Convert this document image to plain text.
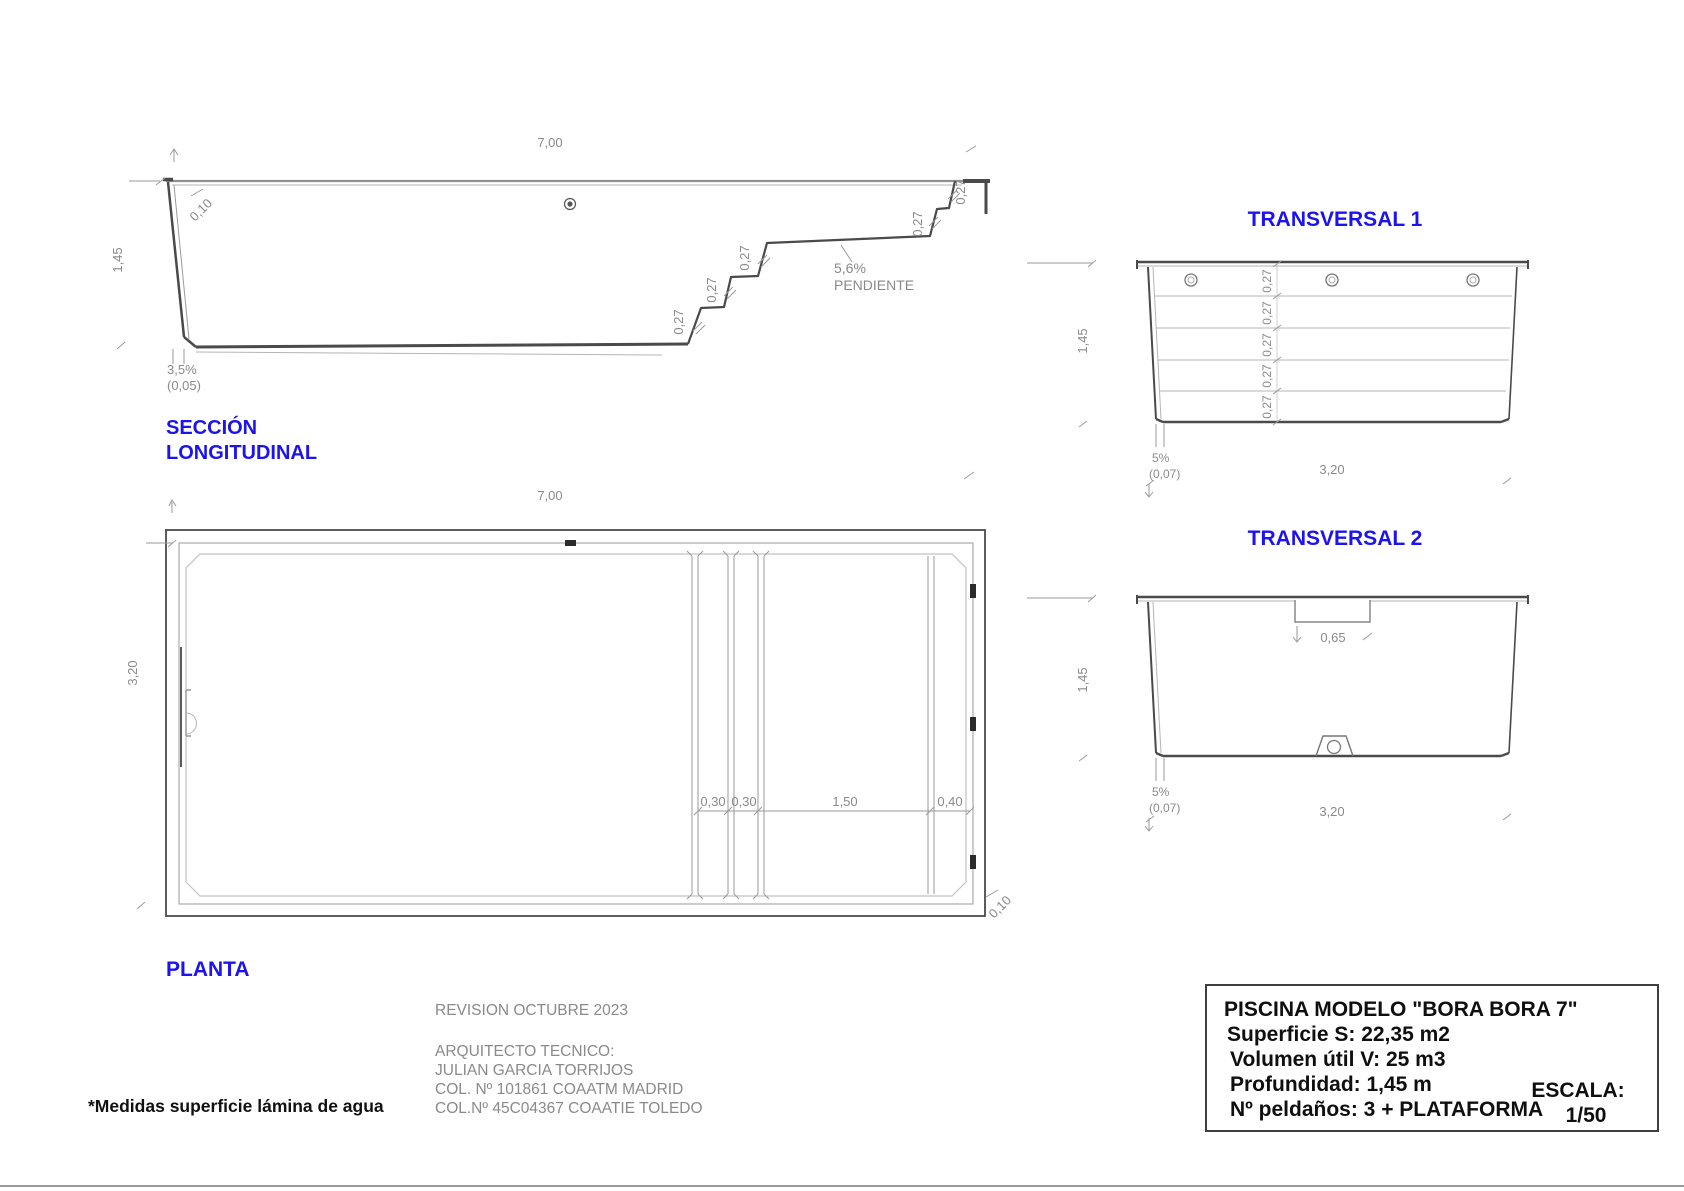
7,00
0,10
0,27
0,27
0,27
0,27
0,27
5,6%
PENDIENTE
1,45
3,5%
(0,05)
SECCIÓN
LONGITUDINAL
7,00
0,30 0,30	1,50	0,40
3,20
0,10
PLANTA
TRANSVERSAL 1
0,27
0,27
0,27
0,27
0,27
1,45
5%
(0,07)	3,20
TRANSVERSAL 2
0,65
1,45
5%
(0,07)	3,20
REVISION OCTUBRE 2023
ARQUITECTO TECNICO:
JULIAN GARCIA TORRIJOS
COL. Nº 101861 COAATM MADRID
COL.Nº 45C04367 COAATIE TOLEDO
*Medidas superficie lámina de agua
PISCINA MODELO "BORA BORA 7"
Superficie S: 22,35 m2
Volumen útil V: 25 m3
Profundidad: 1,45 m
Nº peldaños: 3 + PLATAFORMA
ESCALA:
1/50
